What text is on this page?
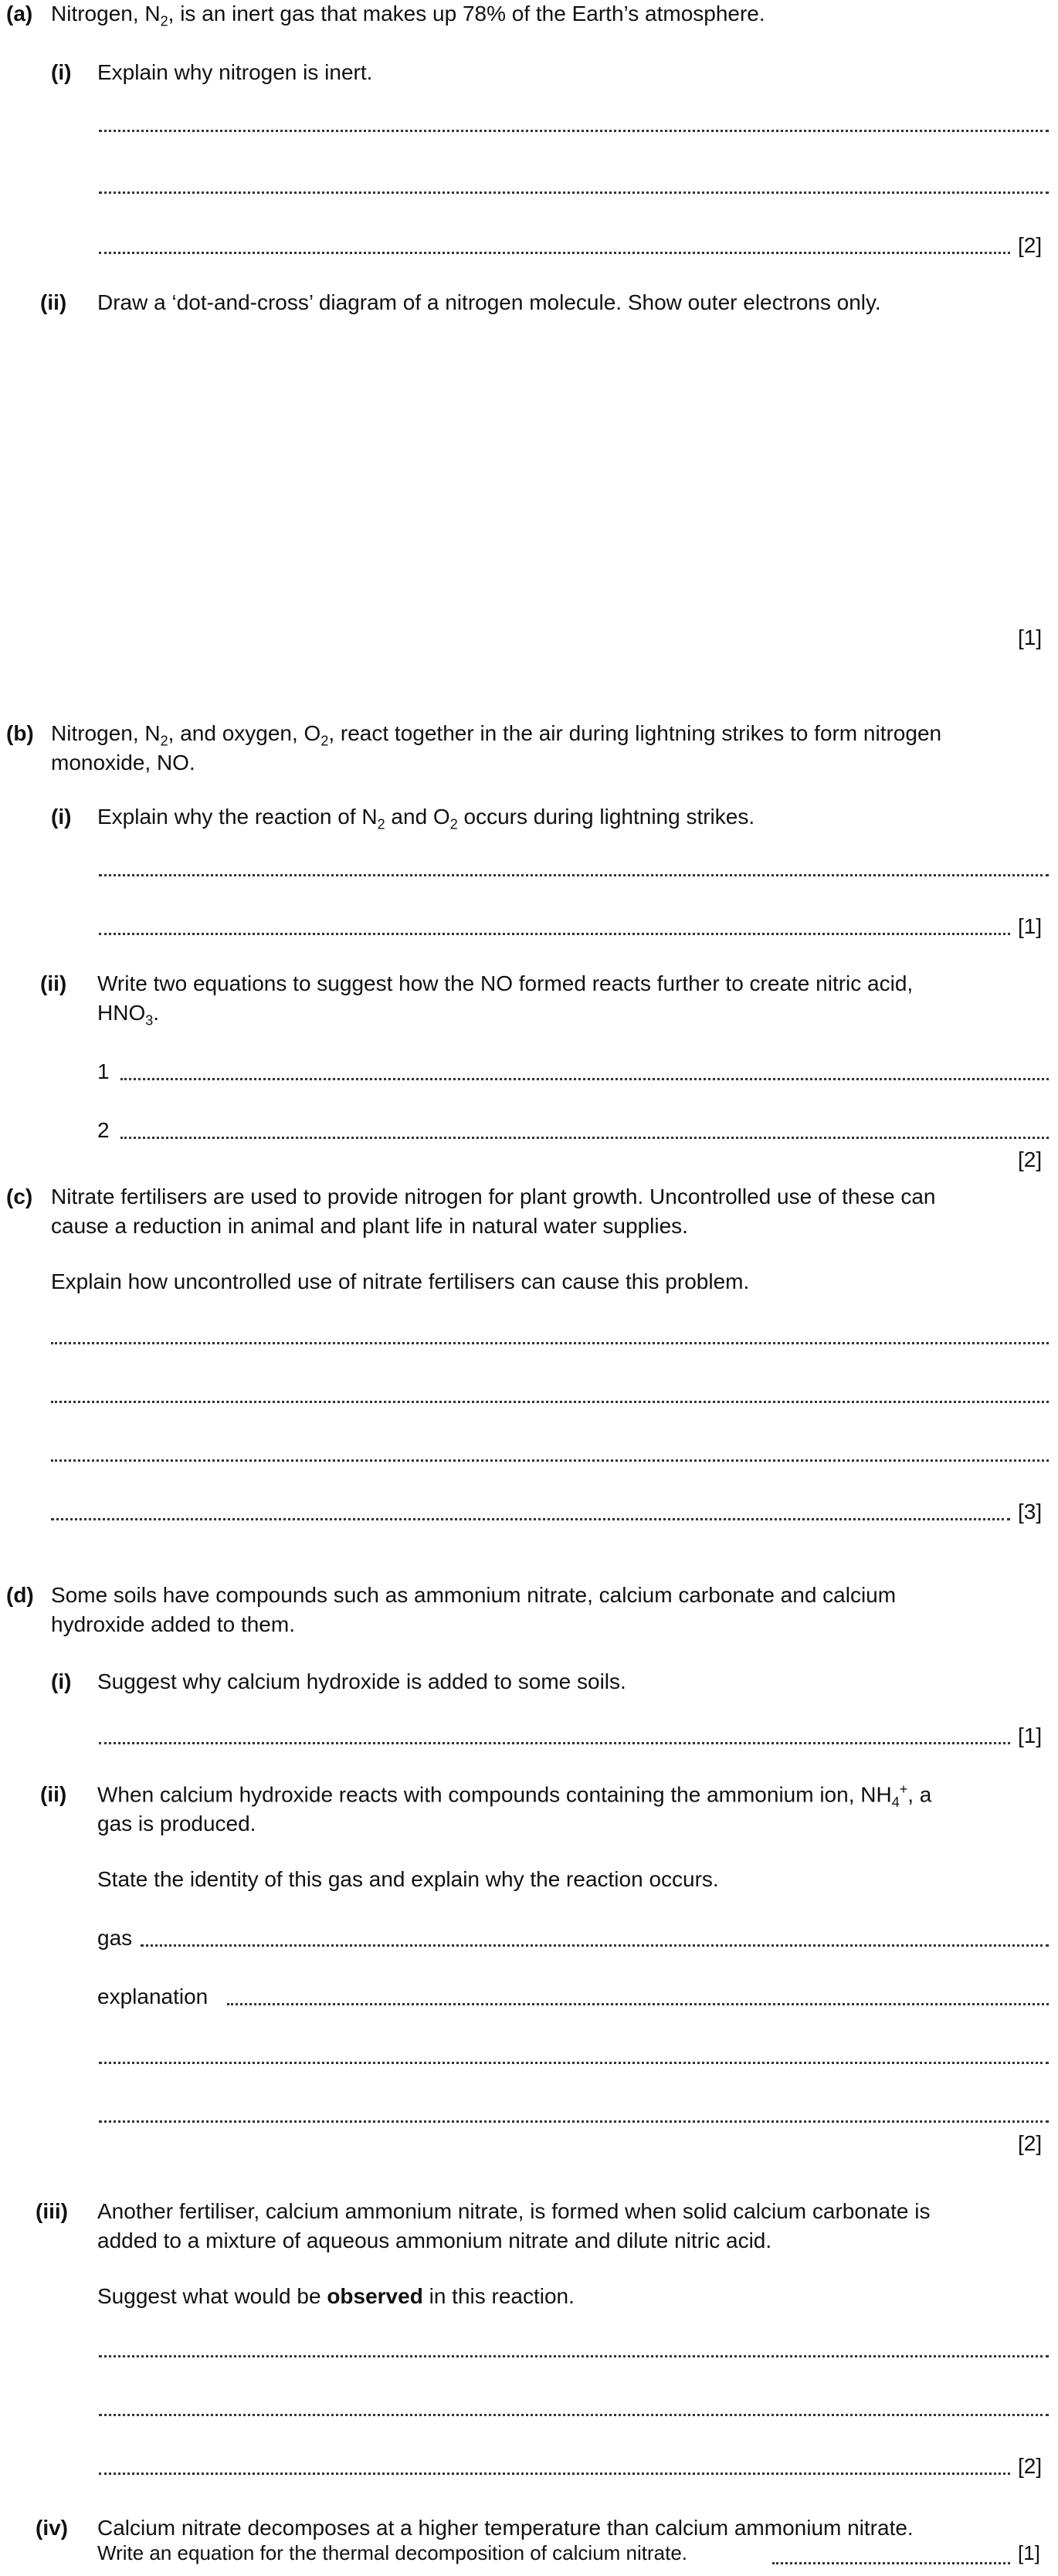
(a) Nitrogen, $N_2$, is an inert gas that makes up 78% of the Earth’s atmosphere.
(i) Explain why nitrogen is inert.
[2]
(ii) Draw a ‘dot-and-cross’ diagram of a nitrogen molecule. Show outer electrons only.
[1]
(b) Nitrogen, $N_2$, and oxygen, $O_2$, react together in the air during lightning strikes to form nitrogen
monoxide, NO.
(i) Explain why the reaction of $N_2$ and $O_2$ occurs during lightning strikes.
[1]
(ii) Write two equations to suggest how the NO formed reacts further to create nitric acid,
$HNO_3$.
1
2
[2]
(c) Nitrate fertilisers are used to provide nitrogen for plant growth. Uncontrolled use of these can
cause a reduction in animal and plant life in natural water supplies.
Explain how uncontrolled use of nitrate fertilisers can cause this problem.
[3]
(d) Some soils have compounds such as ammonium nitrate, calcium carbonate and calcium
hydroxide added to them.
(i) Suggest why calcium hydroxide is added to some soils.
[1]
(ii) When calcium hydroxide reacts with compounds containing the ammonium ion, $NH_4^+$, a
gas is produced.
State the identity of this gas and explain why the reaction occurs.
gas
explanation
[2]
(iii) Another fertiliser, calcium ammonium nitrate, is formed when solid calcium carbonate is
added to a mixture of aqueous ammonium nitrate and dilute nitric acid.
Suggest what would be observed in this reaction.
[2]
(iv) Calcium nitrate decomposes at a higher temperature than calcium ammonium nitrate.
Write an equation for the thermal decomposition of calcium nitrate.	[1]
